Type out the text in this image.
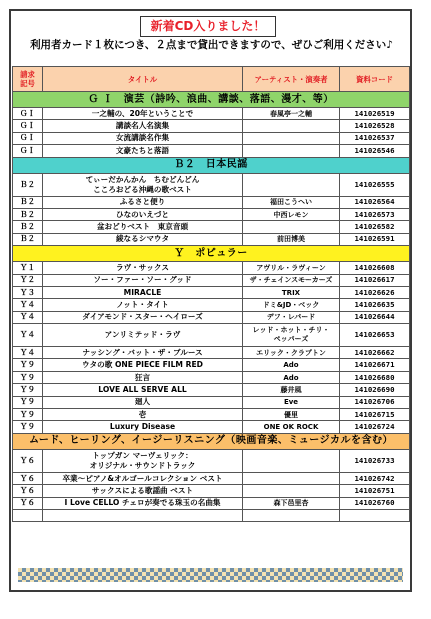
新着CD入りました！
利用者カード１枚につき、２点まで貸出できますので、ぜひご利用ください♪
請求
記号	タイトル	アーティスト・演奏者	資料コード
Ｇ Ｉ　演芸（詩吟、浪曲、講談、落語、漫才、等）			
ＧＩ	一之輔の、20年ということで	春風亭一之輔	141026519
ＧＩ	講談名人名演集		141026528
ＧＩ	女流講談名作集		141026537
ＧＩ	文豪たちと落語		141026546
Ｂ２　日本民謡			
Ｂ２	てぃーだかんかん　ちむどんどん
こころおどる沖縄の歌ベスト		141026555
Ｂ２	ふるさと便り	福田こうへい	141026564
Ｂ２	ひなのいえづと	中西レモン	141026573
Ｂ２	盆おどりベスト　東京音頭		141026582
Ｂ２	綾なるシマウタ	前田博美	141026591
Ｙ　ポピュラー			
Ｙ１	ラヴ・サックス	アヴリル・ラヴィーン	141026608
Ｙ２	ソー・ファー・ソー・グッド	ザ・チェインスモーカーズ	141026617
Ｙ３	MIRACLE	TRIX	141026626
Ｙ４	ノット・タイト	ドミ&JD・ベック	141026635
Ｙ４	ダイアモンド・スター・ヘイローズ	デフ・レパード	141026644
Ｙ４	アンリミテッド・ラヴ	レッド・ホット・チリ・
ペッパーズ	141026653
Ｙ４	ナッシング・バット・ザ・ブルース	エリック・クラプトン	141026662
Ｙ９	ウタの歌 ONE PIECE FILM RED	Ado	141026671
Ｙ９	狂言	Ado	141026680
Ｙ９	LOVE ALL SERVE ALL	藤井風	141026690
Ｙ９	廻人	Eve	141026706
Ｙ９	壱	優里	141026715
Ｙ９	Luxury Disease	ONE OK ROCK	141026724
ムード、ヒーリング、イージーリスニング（映画音楽、ミュージカルを含む）			
Ｙ６	トップガン マーヴェリック：
オリジナル・サウンドトラック		141026733
Ｙ６	卒業～ピアノ&オルゴールコレクション ベスト		141026742
Ｙ６	サックスによる歌謡曲 ベスト		141026751
Ｙ６	I Love CELLO チェロが奏でる珠玉の名曲集	森下邑里杏	141026760
